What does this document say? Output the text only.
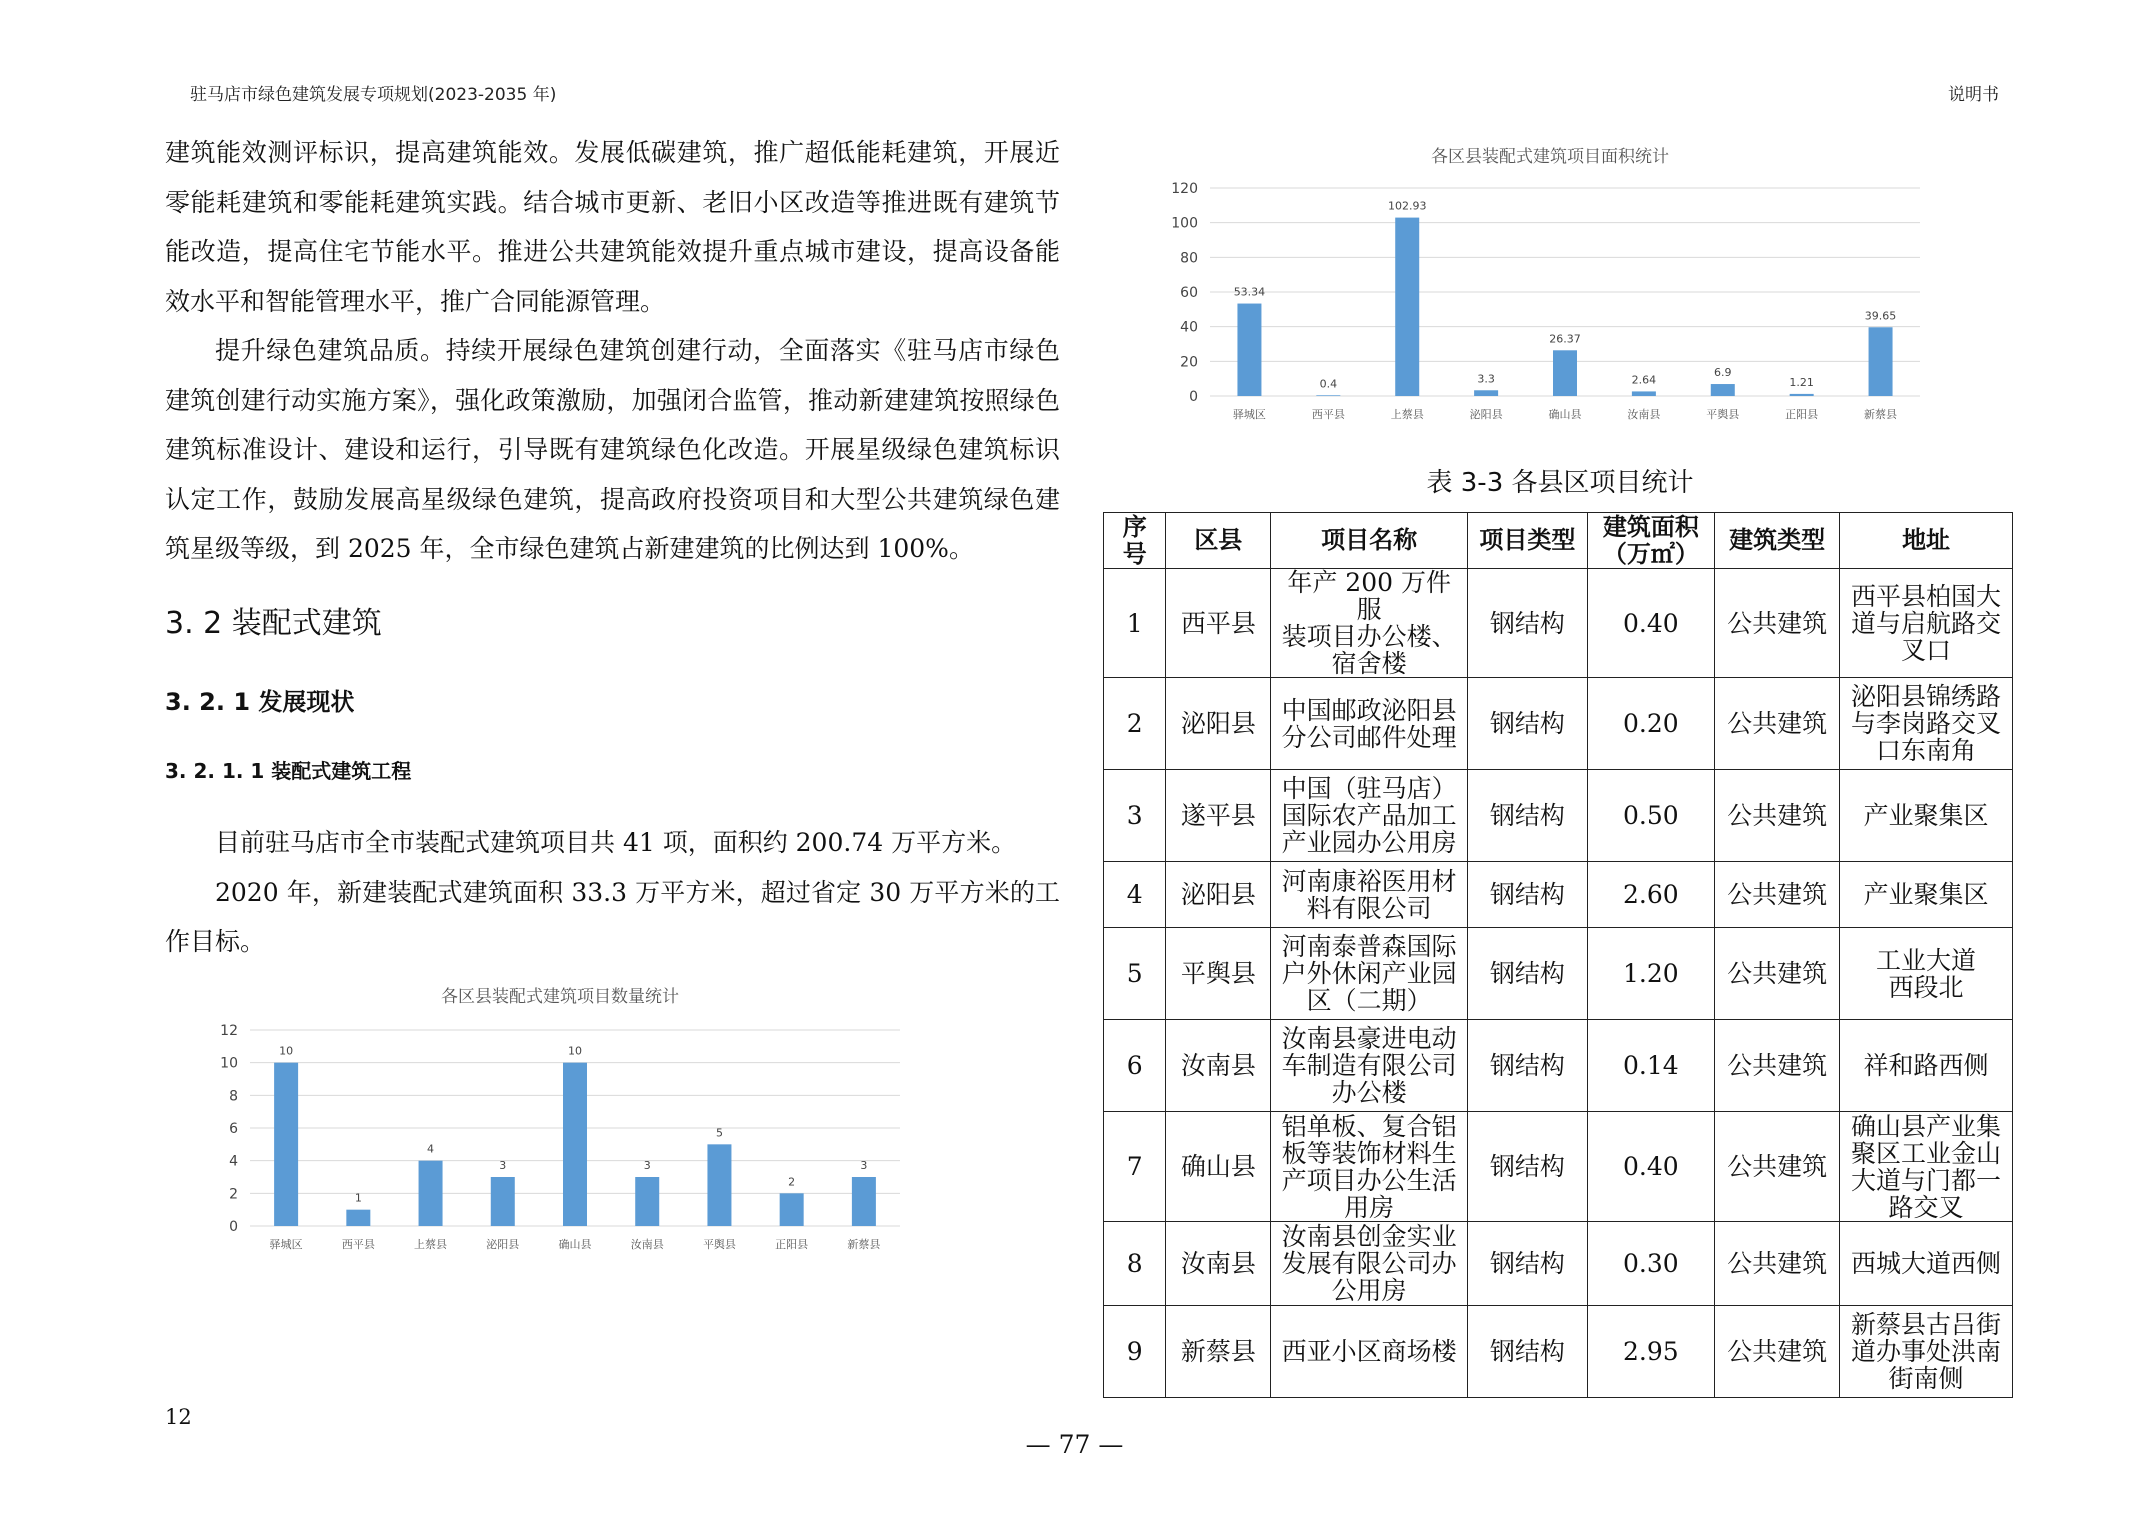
驻马店市绿色建筑发展专项规划(2023-2035 年)	说明书

建筑能效测评标识，提高建筑能效。发展低碳建筑，推广超低能耗建筑，开展近零能耗建筑和零能耗建筑实践。结合城市更新、老旧小区改造等推进既有建筑节能改造，提高住宅节能水平。推进公共建筑能效提升重点城市建设，提高设备能效水平和智能管理水平，推广合同能源管理。

提升绿色建筑品质。持续开展绿色建筑创建行动，全面落实《驻马店市绿色建筑创建行动实施方案》，强化政策激励，加强闭合监管，推动新建建筑按照绿色建筑标准设计、建设和运行，引导既有建筑绿色化改造。开展星级绿色建筑标识认定工作，鼓励发展高星级绿色建筑，提高政府投资项目和大型公共建筑绿色建筑星级等级，到 2025 年，全市绿色建筑占新建建筑的比例达到 100%。

3. 2 装配式建筑
3. 2. 1 发展现状
3. 2. 1. 1 装配式建筑工程

目前驻马店市全市装配式建筑项目共 41 项，面积约 200.74 万平方米。

2020 年，新建装配式建筑面积 33.3 万平方米，超过省定 30 万平方米的工作目标。

各区县装配式建筑项目数量统计
0
2
4
6
8
10
12
10
驿城区
1
西平县
4
上蔡县
3
泌阳县
10
确山县
3
汝南县
5
平舆县
2
正阳县
3
新蔡县
各区县装配式建筑项目面积统计
0
20
40
60
80
100
120
53.34
驿城区
0.4
西平县
102.93
上蔡县
3.3
泌阳县
26.37
确山县
2.64
汝南县
6.9
平舆县
1.21
正阳县
39.65
新蔡县
表 3-3 各县区项目统计
序
号	区县	项目名称	项目类型	建筑面积
（万㎡）	建筑类型	地址
1	西平县	年产 200 万件服
装项目办公楼、
宿舍楼	钢结构	0.40	公共建筑	西平县柏国大
道与启航路交
叉口
2	泌阳县	中国邮政泌阳县
分公司邮件处理	钢结构	0.20	公共建筑	泌阳县锦绣路
与李岗路交叉
口东南角
3	遂平县	中国（驻马店）
国际农产品加工
产业园办公用房	钢结构	0.50	公共建筑	产业聚集区
4	泌阳县	河南康裕医用材
料有限公司	钢结构	2.60	公共建筑	产业聚集区
5	平舆县	河南泰普森国际
户外休闲产业园
区（二期）	钢结构	1.20	公共建筑	工业大道
西段北
6	汝南县	汝南县豪进电动
车制造有限公司
办公楼	钢结构	0.14	公共建筑	祥和路西侧
7	确山县	铝单板、复合铝
板等装饰材料生
产项目办公生活
用房	钢结构	0.40	公共建筑	确山县产业集
聚区工业金山
大道与门都一
路交叉
8	汝南县	汝南县创金实业
发展有限公司办
公用房	钢结构	0.30	公共建筑	西城大道西侧
9	新蔡县	西亚小区商场楼	钢结构	2.95	公共建筑	新蔡县古吕街
道办事处洪南
街南侧
12
— 77 —
